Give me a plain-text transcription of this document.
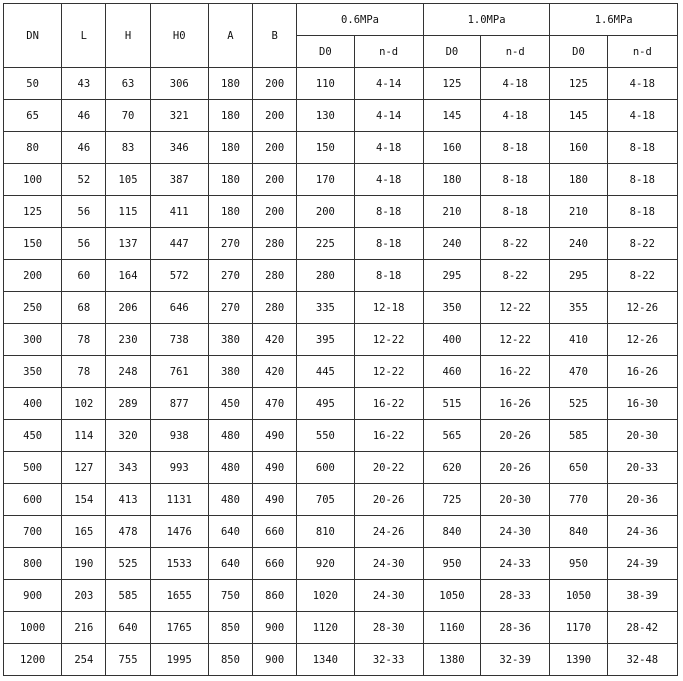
DN	L	H	H0	A	B	0.6MPa		1.0MPa		1.6MPa	
						D0	n-d	D0	n-d	D0	n-d
50	43	63	306	180	200	110	4-14	125	4-18	125	4-18
65	46	70	321	180	200	130	4-14	145	4-18	145	4-18
80	46	83	346	180	200	150	4-18	160	8-18	160	8-18
100	52	105	387	180	200	170	4-18	180	8-18	180	8-18
125	56	115	411	180	200	200	8-18	210	8-18	210	8-18
150	56	137	447	270	280	225	8-18	240	8-22	240	8-22
200	60	164	572	270	280	280	8-18	295	8-22	295	8-22
250	68	206	646	270	280	335	12-18	350	12-22	355	12-26
300	78	230	738	380	420	395	12-22	400	12-22	410	12-26
350	78	248	761	380	420	445	12-22	460	16-22	470	16-26
400	102	289	877	450	470	495	16-22	515	16-26	525	16-30
450	114	320	938	480	490	550	16-22	565	20-26	585	20-30
500	127	343	993	480	490	600	20-22	620	20-26	650	20-33
600	154	413	1131	480	490	705	20-26	725	20-30	770	20-36
700	165	478	1476	640	660	810	24-26	840	24-30	840	24-36
800	190	525	1533	640	660	920	24-30	950	24-33	950	24-39
900	203	585	1655	750	860	1020	24-30	1050	28-33	1050	38-39
1000	216	640	1765	850	900	1120	28-30	1160	28-36	1170	28-42
1200	254	755	1995	850	900	1340	32-33	1380	32-39	1390	32-48
